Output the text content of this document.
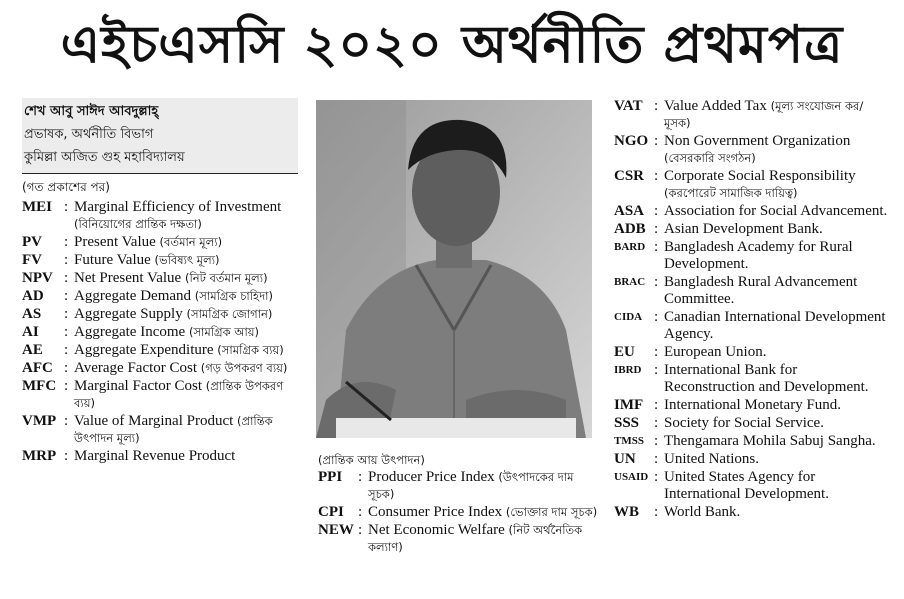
এইচএসসি ২০২০ অর্থনীতি প্রথমপত্র
শেখ আবু সাঈদ আবদুল্লাহ্
প্রভাষক, অর্থনীতি বিভাগ
কুমিল্লা অজিত গুহ মহাবিদ্যালয়
(গত প্রকাশের পর)
MEI : Marginal Efficiency of Investment (বিনিয়োগের প্রান্তিক দক্ষতা)
PV : Present Value (বর্তমান মূল্য)
FV : Future Value (ভবিষ্যৎ মূল্য)
NPV : Net Present Value (নিট বর্তমান মূল্য)
AD : Aggregate Demand (সামগ্রিক চাহিদা)
AS : Aggregate Supply (সামগ্রিক জোগান)
AI : Aggregate Income (সামগ্রিক আয়)
AE : Aggregate Expenditure (সামগ্রিক ব্যয়)
AFC : Average Factor Cost (গড় উপকরণ ব্যয়)
MFC : Marginal Factor Cost (প্রান্তিক উপকরণ ব্যয়)
VMP : Value of Marginal Product (প্রান্তিক উৎপাদন মূল্য)
MRP : Marginal Revenue Product	(প্রান্তিক আয় উৎপাদন)
PPI : Producer Price Index (উৎপাদকের দাম সূচক)
CPI : Consumer Price Index (ভোক্তার দাম সূচক)
NEW : Net Economic Welfare (নিট অর্থনৈতিক কল্যাণ)
VAT : Value Added Tax (মূল্য সংযোজন কর/মূসক)
NGO : Non Government Organization (বেসরকারি সংগঠন)
CSR : Corporate Social Responsibility (করপোরেট সামাজিক দায়িত্ব)
ASA : Association for Social Advancement.
ADB : Asian Development Bank.
BARD : Bangladesh Academy for Rural Development.
BRAC : Bangladesh Rural Advancement Committee.
CIDA : Canadian International Development Agency.
EU : European Union.
IBRD : International Bank for Reconstruction and Development.
IMF : International Monetary Fund.
SSS : Society for Social Service.
TMSS : Thengamara Mohila Sabuj Sangha.
UN : United Nations.
USAID : United States Agency for International Development.
WB : World Bank.
